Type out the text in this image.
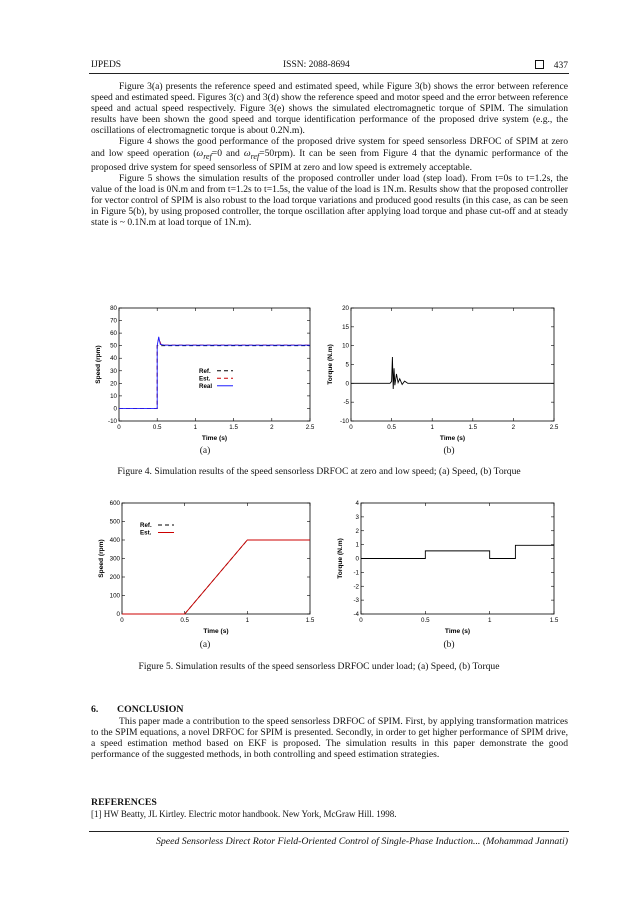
IJPEDS	ISSN: 2088-8694	437

Figure 3(a) presents the reference speed and estimated speed, while Figure 3(b) shows the error between reference speed and estimated speed. Figures 3(c) and 3(d) show the reference speed and motor speed and the error between reference speed and actual speed respectively. Figure 3(e) shows the simulated electromagnetic torque of SPIM. The simulation results have been shown the good speed and torque identification performance of the proposed drive system (e.g., the oscillations of electromagnetic torque is about 0.2N.m).

Figure 4 shows the good performance of the proposed drive system for speed sensorless DRFOC of SPIM at zero and low speed operation ($\omega_{ref}=0$ and $\omega_{ref}=50rpm$). It can be seen from Figure 4 that the dynamic performance of the proposed drive system for speed sensorless of SPIM at zero and low speed is extremely acceptable.

Figure 5 shows the simulation results of the proposed controller under load (step load). From t=0s to t=1.2s, the value of the load is 0N.m and from t=1.2s to t=1.5s, the value of the load is 1N.m. Results show that the proposed controller for vector control of SPIM is also robust to the load torque variations and produced good results (in this case, as can be seen in Figure 5(b), by using proposed controller, the torque oscillation after applying load torque and phase cut-off and at steady state is ~ 0.1N.m at load torque of 1N.m).

0	0.5	1	1.5	2	2.5
-10
0
10
20
30
40
50
60
70
80
Time (s)
Speed (rpm)	Ref.
Est.
Real
0	0.5	1	1.5	2	2.5
-10
-5
0
5
10
15
20
Time (s)
Torque (N.m)
(a)	(b)
Figure 4. Simulation results of the speed sensorless DRFOC at zero and low speed; (a) Speed, (b) Torque
0	0.5	1	1.5
0
100
200
300
400
500
600
Time (s)
Speed (rpm)
Ref.
Est.
0	0.5	1	1.5
-4
-3
-2
-1
0
1
2
3
4
Time (s)
Torque (N.m)
(a)	(b)
Figure 5. Simulation results of the speed sensorless DRFOC under load; (a) Speed, (b) Torque
6. CONCLUSION

This paper made a contribution to the speed sensorless DRFOC of SPIM. First, by applying transformation matrices to the SPIM equations, a novel DRFOC for SPIM is presented. Secondly, in order to get higher performance of SPIM drive, a speed estimation method based on EKF is proposed. The simulation results in this paper demonstrate the good performance of the suggested methods, in both controlling and speed estimation strategies.

REFERENCES
[1] HW Beatty, JL Kirtley. Electric motor handbook. New York, McGraw Hill. 1998.
Speed Sensorless Direct Rotor Field-Oriented Control of Single-Phase Induction... (Mohammad Jannati)
